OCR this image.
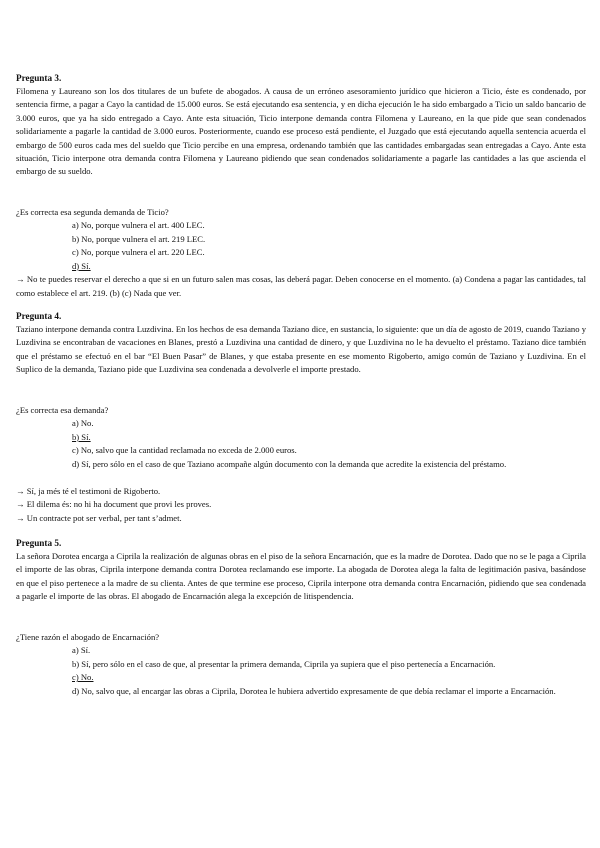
Pregunta 3.

Filomena y Laureano son los dos titulares de un bufete de abogados. A causa de un erróneo asesoramiento jurídico que hicieron a Ticio, éste es condenado, por sentencia firme, a pagar a Cayo la cantidad de 15.000 euros. Se está ejecutando esa sentencia, y en dicha ejecución le ha sido embargado a Ticio un saldo bancario de 3.000 euros, que ya ha sido entregado a Cayo. Ante esta situación, Ticio interpone demanda contra Filomena y Laureano, en la que pide que sean condenados solidariamente a pagarle la cantidad de 3.000 euros. Posteriormente, cuando ese proceso está pendiente, el Juzgado que está ejecutando aquella sentencia acuerda el embargo de 500 euros cada mes del sueldo que Ticio percibe en una empresa, ordenando también que las cantidades embargadas sean entregadas a Cayo. Ante esta situación, Ticio interpone otra demanda contra Filomena y Laureano pidiendo que sean condenados solidariamente a pagarle las cantidades a las que ascienda el embargo de su sueldo.

¿Es correcta esa segunda demanda de Ticio?

a) No, porque vulnera el art. 400 LEC.

b) No, porque vulnera el art. 219 LEC.

c) No, porque vulnera el art. 220 LEC.

d) Sí.

→ No te puedes reservar el derecho a que si en un futuro salen mas cosas, las deberá pagar. Deben conocerse en el momento. (a) Condena a pagar las cantidades, tal como establece el art. 219. (b) (c) Nada que ver.

Pregunta 4.

Taziano interpone demanda contra Luzdivina. En los hechos de esa demanda Taziano dice, en sustancia, lo siguiente: que un día de agosto de 2019, cuando Taziano y Luzdivina se encontraban de vacaciones en Blanes, prestó a Luzdivina una cantidad de dinero, y que Luzdivina no le ha devuelto el préstamo. Taziano dice también que el préstamo se efectuó en el bar “El Buen Pasar” de Blanes, y que estaba presente en ese momento Rigoberto, amigo común de Taziano y Luzdivina. En el Suplico de la demanda, Taziano pide que Luzdivina sea condenada a devolverle el importe prestado.

¿Es correcta esa demanda?

a) No.

b) Sí.

c) No, salvo que la cantidad reclamada no exceda de 2.000 euros.

d) Sí, pero sólo en el caso de que Taziano acompañe algún documento con la demanda que acredite la existencia del préstamo.

→ Sí, ja més té el testimoni de Rigoberto.

→ El dilema és: no hi ha document que provi les proves.

→ Un contracte pot ser verbal, per tant s’admet.

Pregunta 5.

La señora Dorotea encarga a Ciprila la realización de algunas obras en el piso de la señora Encarnación, que es la madre de Dorotea. Dado que no se le paga a Ciprila el importe de las obras, Ciprila interpone demanda contra Dorotea reclamando ese importe. La abogada de Dorotea alega la falta de legitimación pasiva, basándose en que el piso pertenece a la madre de su clienta. Antes de que termine ese proceso, Ciprila interpone otra demanda contra Encarnación, pidiendo que sea condenada a pagarle el importe de las obras. El abogado de Encarnación alega la excepción de litispendencia.

¿Tiene razón el abogado de Encarnación?

a) Sí.

b) Sí, pero sólo en el caso de que, al presentar la primera demanda, Ciprila ya supiera que el piso pertenecía a Encarnación.

c) No.

d) No, salvo que, al encargar las obras a Ciprila, Dorotea le hubiera advertido expresamente de que debía reclamar el importe a Encarnación.
